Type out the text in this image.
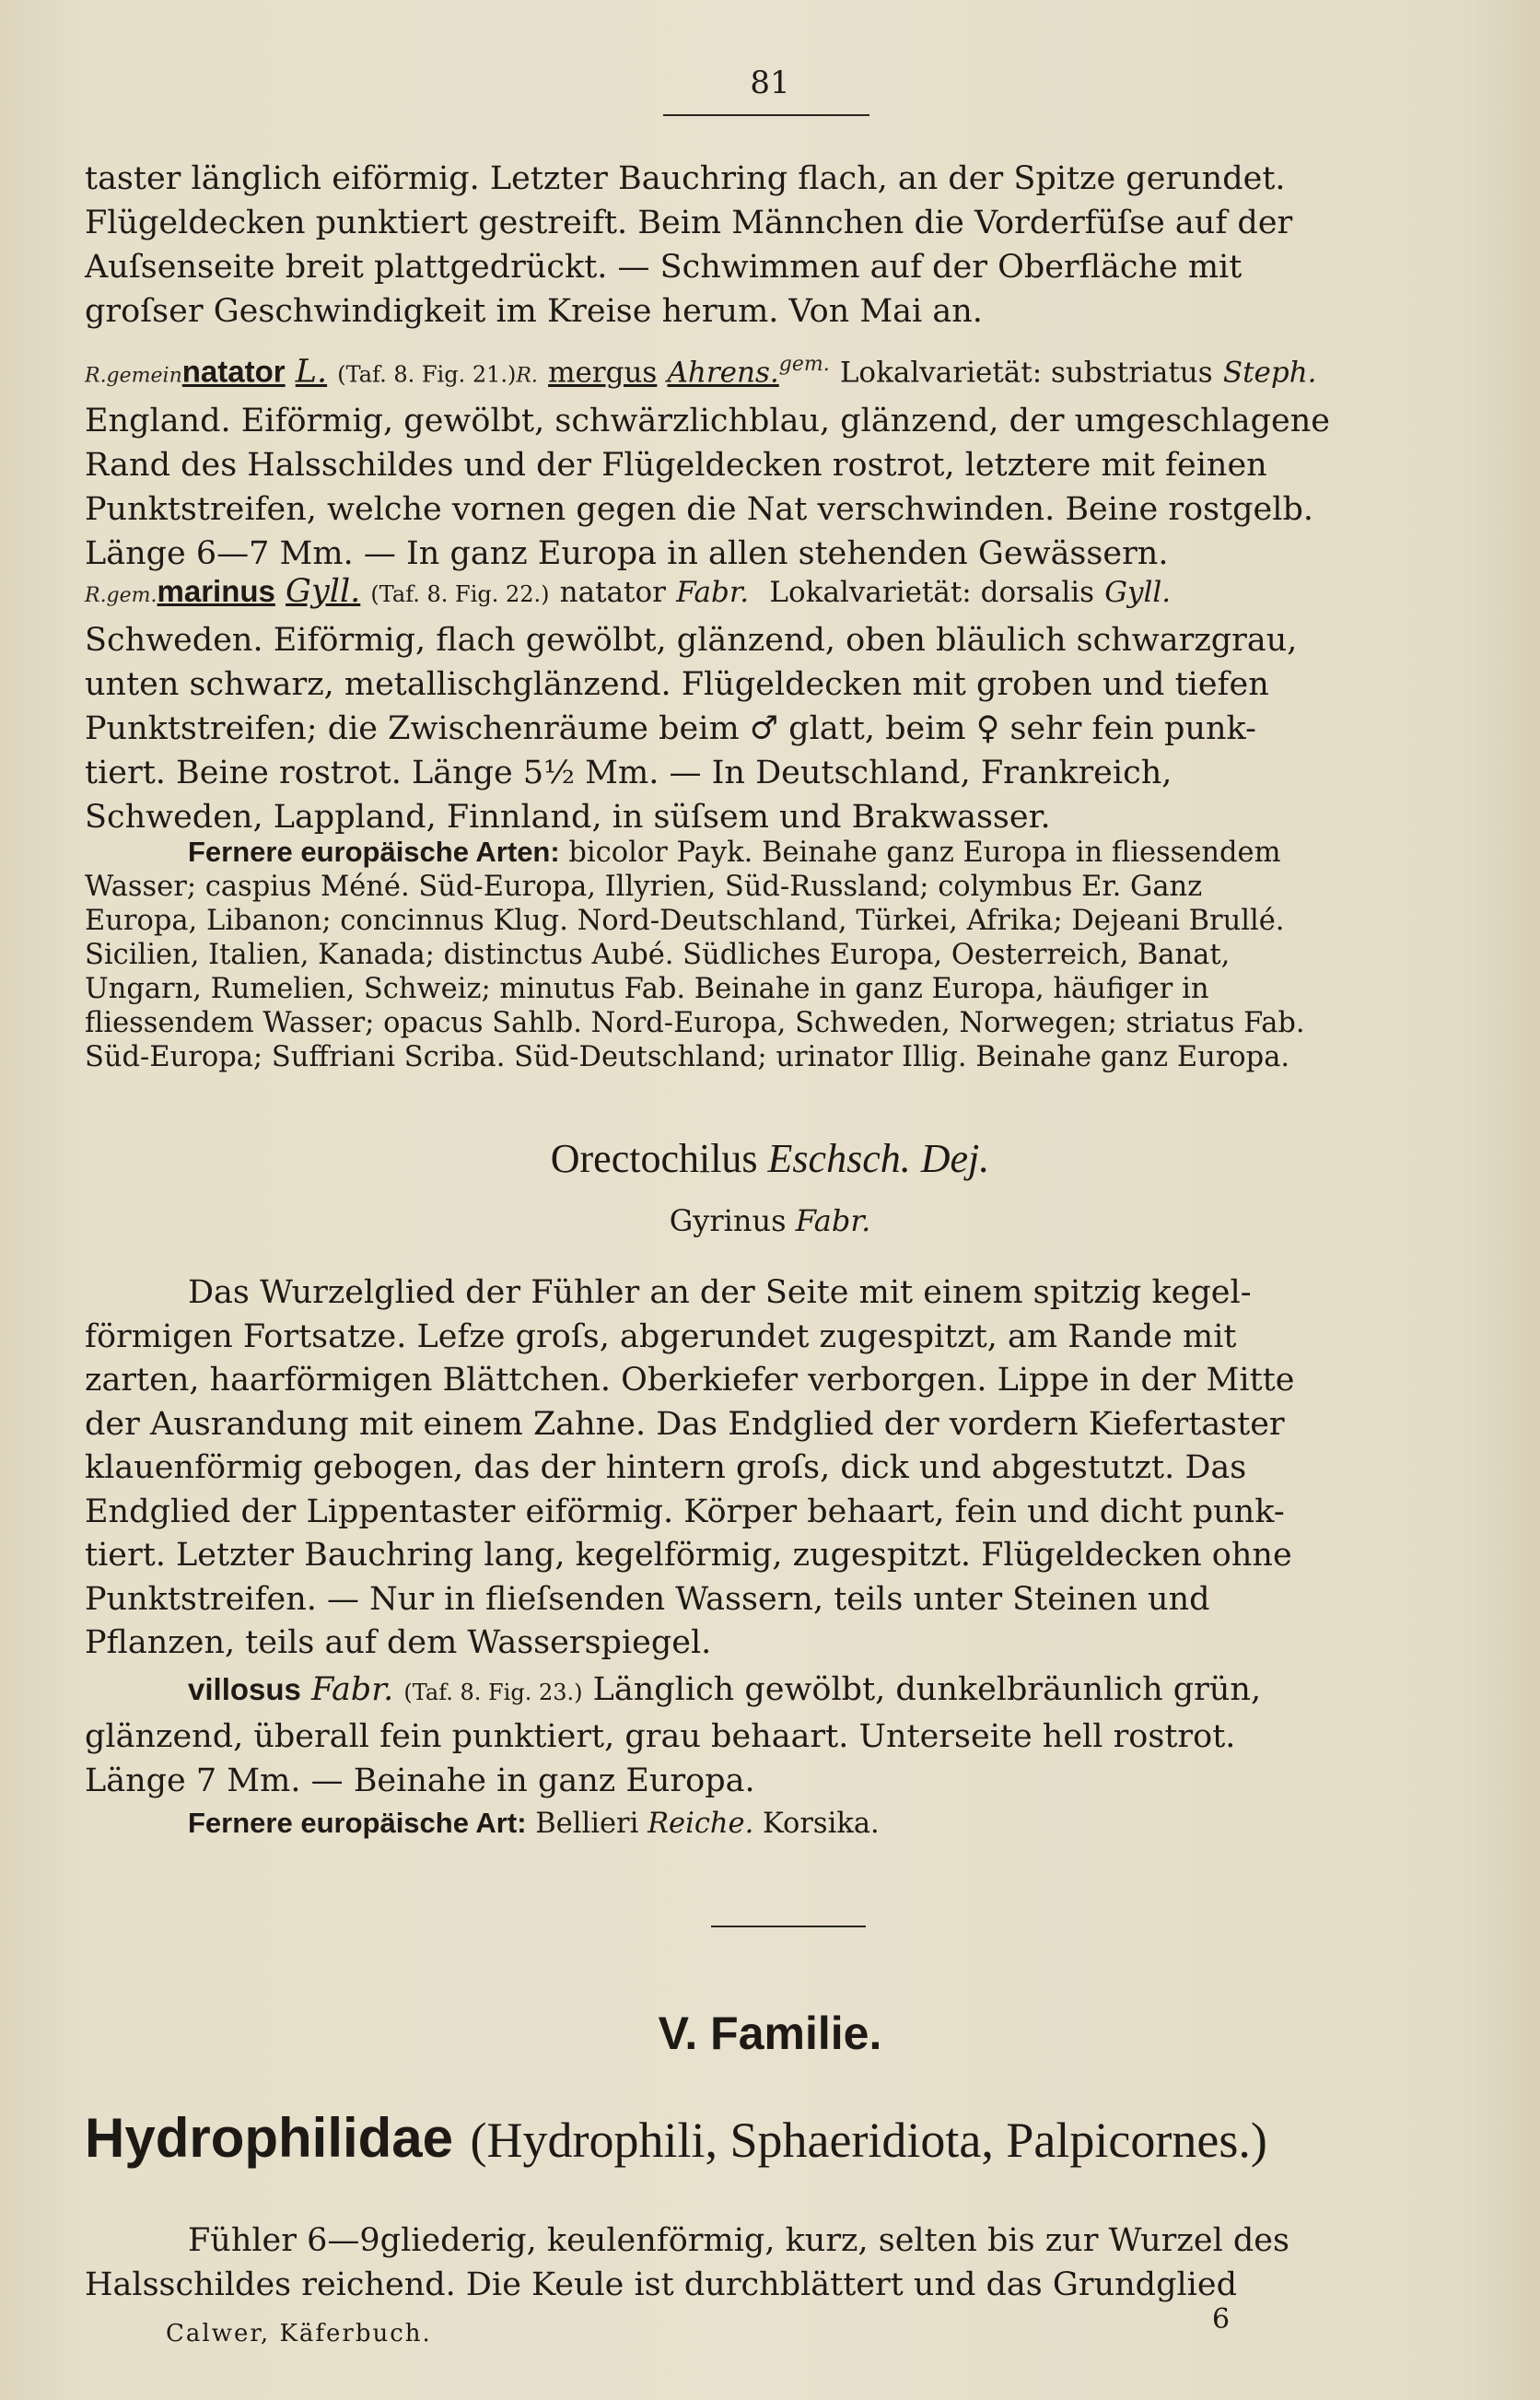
81
taster länglich eiförmig. Letzter Bauchring flach, an der Spitze gerundet.
Flügeldecken punktiert gestreift. Beim Männchen die Vorderfüſse auf der
Auſsenseite breit plattgedrückt. — Schwimmen auf der Oberfläche mit
groſser Geschwindigkeit im Kreise herum. Von Mai an.
R.gemeinnatator L. (Taf. 8. Fig. 21.)R. mergus Ahrens.$^{gem.}$ Lokalvarietät: substriatus Steph.
England. Eiförmig, gewölbt, schwärzlichblau, glänzend, der umgeschlagene
Rand des Halsschildes und der Flügeldecken rostrot, letztere mit feinen
Punktstreifen, welche vornen gegen die Nat verschwinden. Beine rostgelb.
Länge 6—7 Mm. — In ganz Europa in allen stehenden Gewässern.
R.gem.marinus Gyll. (Taf. 8. Fig. 22.) natator Fabr. Lokalvarietät: dorsalis Gyll.
Schweden. Eiförmig, flach gewölbt, glänzend, oben bläulich schwarzgrau,
unten schwarz, metallischglänzend. Flügeldecken mit groben und tiefen
Punktstreifen; die Zwischenräume beim ♂ glatt, beim ♀ sehr fein punk-
tiert. Beine rostrot. Länge 5½ Mm. — In Deutschland, Frankreich,
Schweden, Lappland, Finnland, in süſsem und Brakwasser.
Fernere europäische Arten: bicolor Payk. Beinahe ganz Europa in fliessendem
Wasser; caspius Méné. Süd-Europa, Illyrien, Süd-Russland; colymbus Er. Ganz
Europa, Libanon; concinnus Klug. Nord-Deutschland, Türkei, Afrika; Dejeani Brullé.
Sicilien, Italien, Kanada; distinctus Aubé. Südliches Europa, Oesterreich, Banat,
Ungarn, Rumelien, Schweiz; minutus Fab. Beinahe in ganz Europa, häufiger in
fliessendem Wasser; opacus Sahlb. Nord-Europa, Schweden, Norwegen; striatus Fab.
Süd-Europa; Suffriani Scriba. Süd-Deutschland; urinator Illig. Beinahe ganz Europa.
Orectochilus Eschsch. Dej.
Gyrinus Fabr.
Das Wurzelglied der Fühler an der Seite mit einem spitzig kegel-
förmigen Fortsatze. Lefze groſs, abgerundet zugespitzt, am Rande mit
zarten, haarförmigen Blättchen. Oberkiefer verborgen. Lippe in der Mitte
der Ausrandung mit einem Zahne. Das Endglied der vordern Kiefertaster
klauenförmig gebogen, das der hintern groſs, dick und abgestutzt. Das
Endglied der Lippentaster eiförmig. Körper behaart, fein und dicht punk-
tiert. Letzter Bauchring lang, kegelförmig, zugespitzt. Flügeldecken ohne
Punktstreifen. — Nur in flieſsenden Wassern, teils unter Steinen und
Pflanzen, teils auf dem Wasserspiegel.
villosus Fabr. (Taf. 8. Fig. 23.) Länglich gewölbt, dunkelbräunlich grün,
glänzend, überall fein punktiert, grau behaart. Unterseite hell rostrot.
Länge 7 Mm. — Beinahe in ganz Europa.
Fernere europäische Art: Bellieri Reiche. Korsika.
V. Familie.
Hydrophilidae (Hydrophili, Sphaeridiota, Palpicornes.)
Fühler 6—9gliederig, keulenförmig, kurz, selten bis zur Wurzel des
Halsschildes reichend. Die Keule ist durchblättert und das Grundglied
Calwer, Käferbuch.	6
